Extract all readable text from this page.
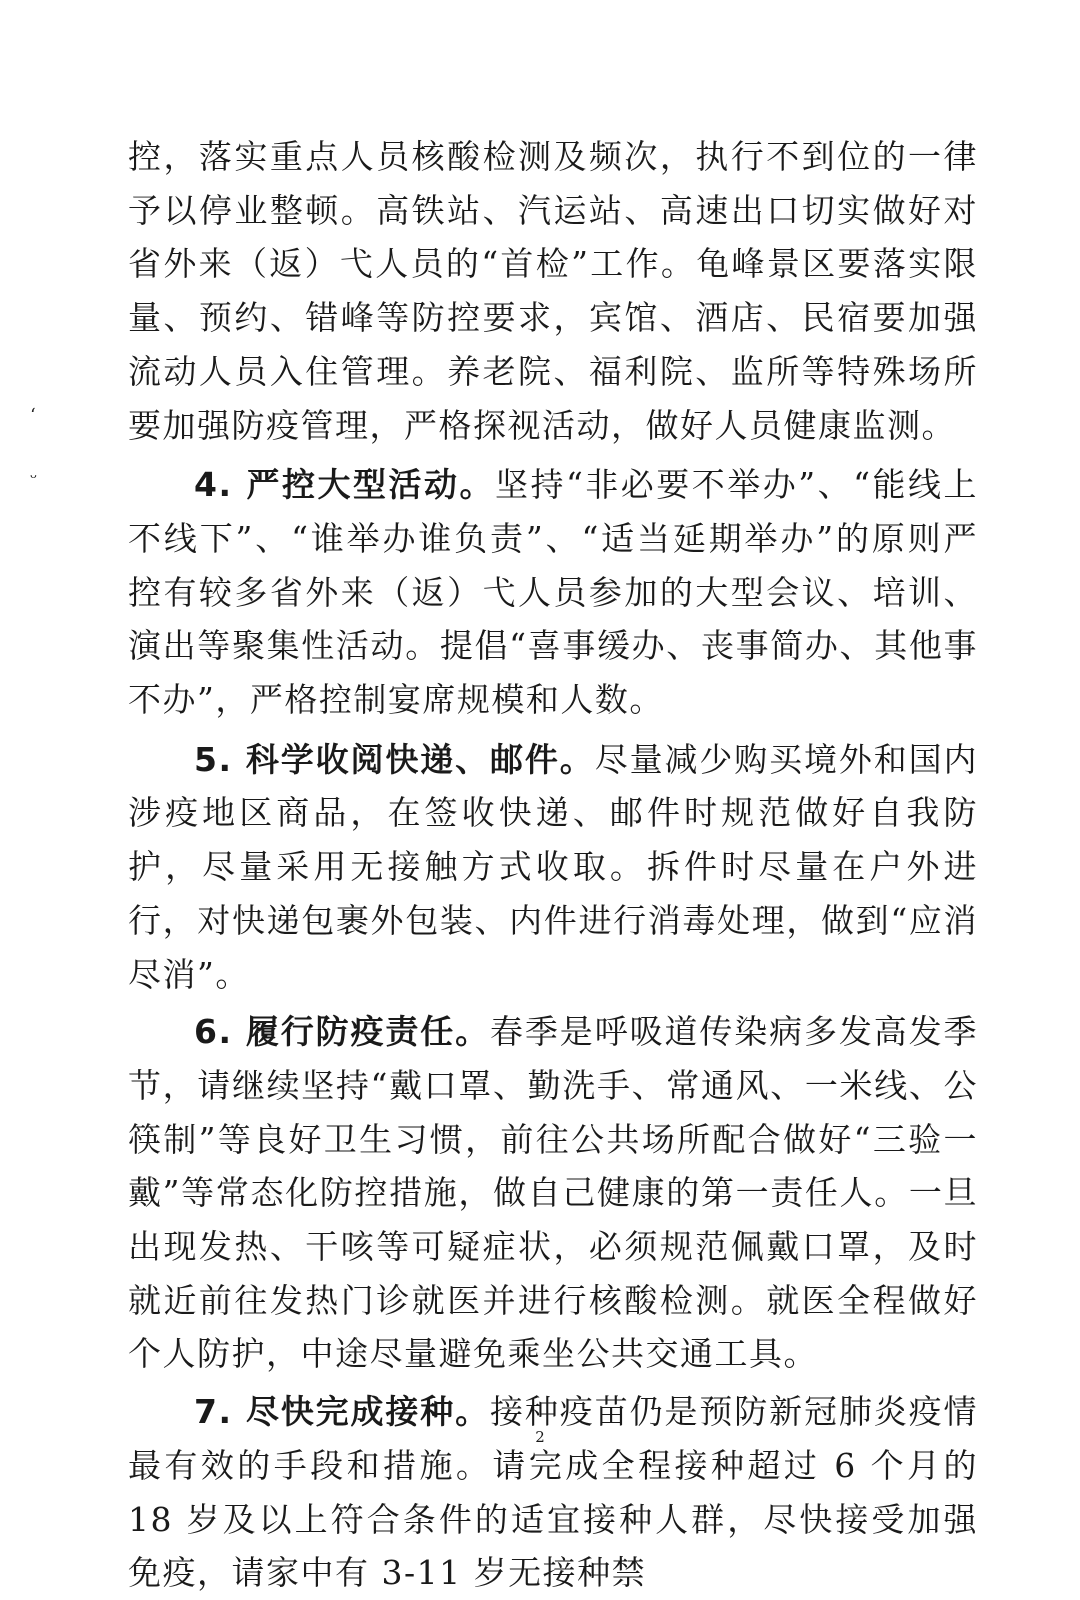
ʻ
ᵕ

控，落实重点人员核酸检测及频次，执行不到位的一律予以停业整顿。高铁站、汽运站、高速出口切实做好对省外来（返）弋人员的“首检”工作。龟峰景区要落实限量、预约、错峰等防控要求，宾馆、酒店、民宿要加强流动人员入住管理。养老院、福利院、监所等特殊场所要加强防疫管理，严格探视活动，做好人员健康监测。

4. 严控大型活动。坚持“非必要不举办”、“能线上不线下”、“谁举办谁负责”、“适当延期举办”的原则严控有较多省外来（返）弋人员参加的大型会议、培训、演出等聚集性活动。提倡“喜事缓办、丧事简办、其他事不办”，严格控制宴席规模和人数。

5. 科学收阅快递、邮件。尽量减少购买境外和国内涉疫地区商品，在签收快递、邮件时规范做好自我防护，尽量采用无接触方式收取。拆件时尽量在户外进行，对快递包裹外包装、内件进行消毒处理，做到“应消尽消”。

6. 履行防疫责任。春季是呼吸道传染病多发高发季节，请继续坚持“戴口罩、勤洗手、常通风、一米线、公筷制”等良好卫生习惯，前往公共场所配合做好“三验一戴”等常态化防控措施，做自己健康的第一责任人。一旦出现发热、干咳等可疑症状，必须规范佩戴口罩，及时就近前往发热门诊就医并进行核酸检测。就医全程做好个人防护，中途尽量避免乘坐公共交通工具。

7. 尽快完成接种。接种疫苗仍是预防新冠肺炎疫情最有效的手段和措施。请完成全程接种超过 6 个月的 18 岁及以上符合条件的适宜接种人群，尽快接受加强免疫，请家中有 3-11 岁无接种禁

2
